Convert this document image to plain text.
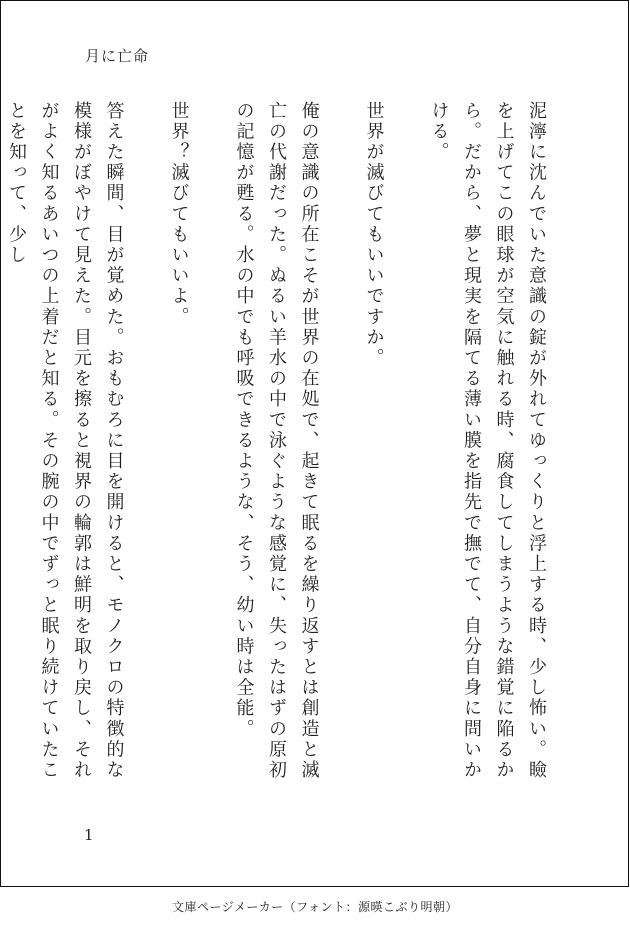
月に亡命

泥濘に沈んでいた意識の錠が外れてゆっくりと浮上する時、少し怖い。瞼を上げてこの眼球が空気に触れる時、腐食してしまうような錯覚に陥るから。だから、夢と現実を隔てる薄い膜を指先で撫でて、自分自身に問いかける。

世界が滅びてもいいですか。

俺の意識の所在こそが世界の在処で、起きて眠るを繰り返すとは創造と滅亡の代謝だった。ぬるい羊水の中で泳ぐような感覚に、失ったはずの原初の記憶が甦る。水の中でも呼吸できるような、そう、幼い時は全能。

世界？滅びてもいいよ。

答えた瞬間、目が覚めた。おもむろに目を開けると、モノクロの特徴的な模様がぼやけて見えた。目元を擦ると視界の輪郭は鮮明を取り戻し、それがよく知るあいつの上着だと知る。その腕の中でずっと眠り続けていたことを知って、少し

1
文庫ページメーカー（フォント：源暎こぶり明朝）
